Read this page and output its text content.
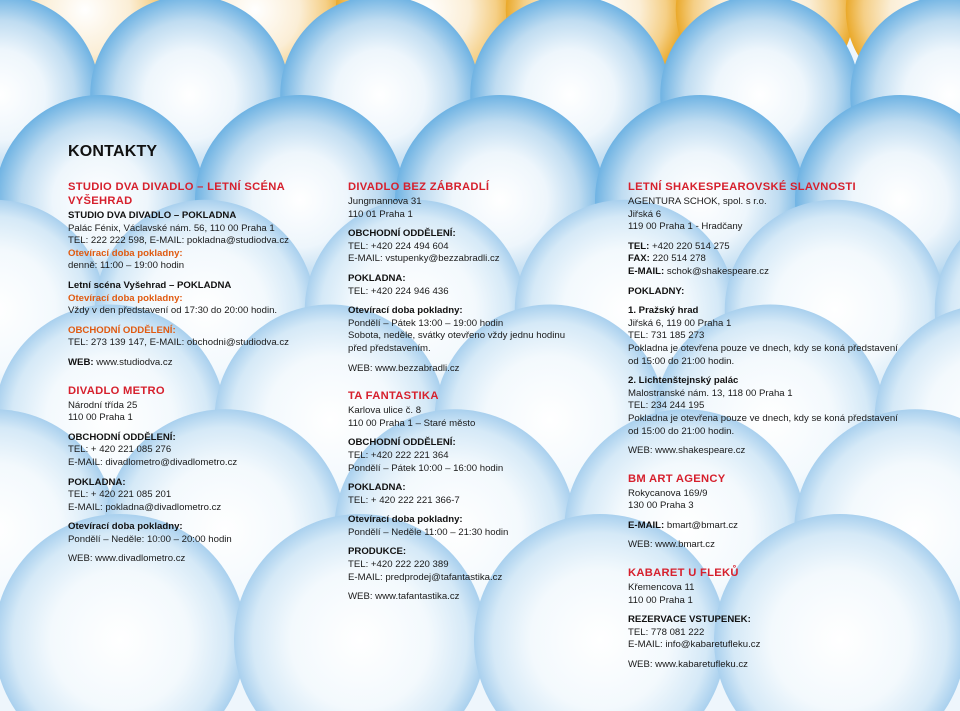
KONTAKTY
STUDIO DVA DIVADLO – LETNÍ SCÉNA VYŠEHRAD
STUDIO DVA DIVADLO – POKLADNA
Palác Fénix, Václavské nám. 56, 110 00 Praha 1
TEL: 222 222 598, E-MAIL: pokladna@studiodva.cz
Otevírací doba pokladny:
denně: 11:00 – 19:00 hodin
Letní scéna Vyšehrad – POKLADNA
Otevírací doba pokladny:
Vždy v den představení od 17:30 do 20:00 hodin.
OBCHODNÍ ODDĚLENÍ:
TEL: 273 139 147, E-MAIL: obchodni@studiodva.cz
WEB: www.studiodva.cz
DIVADLO METRO
Národní třída 25
110 00 Praha 1
OBCHODNÍ ODDĚLENÍ:
TEL: + 420 221 085 276
E-MAIL: divadlometro@divadlometro.cz
POKLADNA:
TEL: + 420 221 085 201
E-MAIL: pokladna@divadlometro.cz
Otevírací doba pokladny:
Pondělí – Neděle: 10:00 – 20:00 hodin
WEB: www.divadlometro.cz
DIVADLO BEZ ZÁBRADLÍ
Jungmannova 31
110 01 Praha 1
OBCHODNÍ ODDĚLENÍ:
TEL: +420 224 494 604
E-MAIL: vstupenky@bezzabradli.cz
POKLADNA:
TEL: +420 224 946 436
Otevírací doba pokladny:
Pondělí – Pátek 13:00 – 19:00 hodin
Sobota, neděle, svátky otevřeno vždy jednu hodinu před představením.
WEB: www.bezzabradli.cz
TA FANTASTIKA
Karlova ulice č. 8
110 00 Praha 1 – Staré město
OBCHODNÍ ODDĚLENÍ:
TEL: +420 222 221 364
Pondělí – Pátek 10:00 – 16:00 hodin
POKLADNA:
TEL: + 420 222 221 366-7
Otevírací doba pokladny:
Pondělí – Neděle 11:00 – 21:30 hodin
PRODUKCE:
TEL: +420 222 220 389
E-MAIL: predprodej@tafantastika.cz
WEB: www.tafantastika.cz
LETNÍ SHAKESPEAROVSKÉ SLAVNOSTI
AGENTURA SCHOK, spol. s r.o.
Jiřská 6
119 00 Praha 1 - Hradčany
TEL: +420 220 514 275
FAX: 220 514 278
E-MAIL: schok@shakespeare.cz
POKLADNY:
1. Pražský hrad
Jiřská 6, 119 00 Praha 1
TEL: 731 185 273
Pokladna je otevřena pouze ve dnech, kdy se koná představení od 15:00 do 21:00 hodin.
2. Lichtenštejnský palác
Malostranské nám. 13, 118 00 Praha 1
TEL: 234 244 195
Pokladna je otevřena pouze ve dnech, kdy se koná představení od 15:00 do 21:00 hodin.
WEB: www.shakespeare.cz
BM ART AGENCY
Rokycanova 169/9
130 00 Praha 3
E-MAIL: bmart@bmart.cz
WEB: www.bmart.cz
KABARET U FLEKŮ
Křemencova 11
110 00 Praha 1
REZERVACE VSTUPENEK:
TEL: 778 081 222
E-MAIL: info@kabaretufleku.cz
WEB: www.kabaretufleku.cz
